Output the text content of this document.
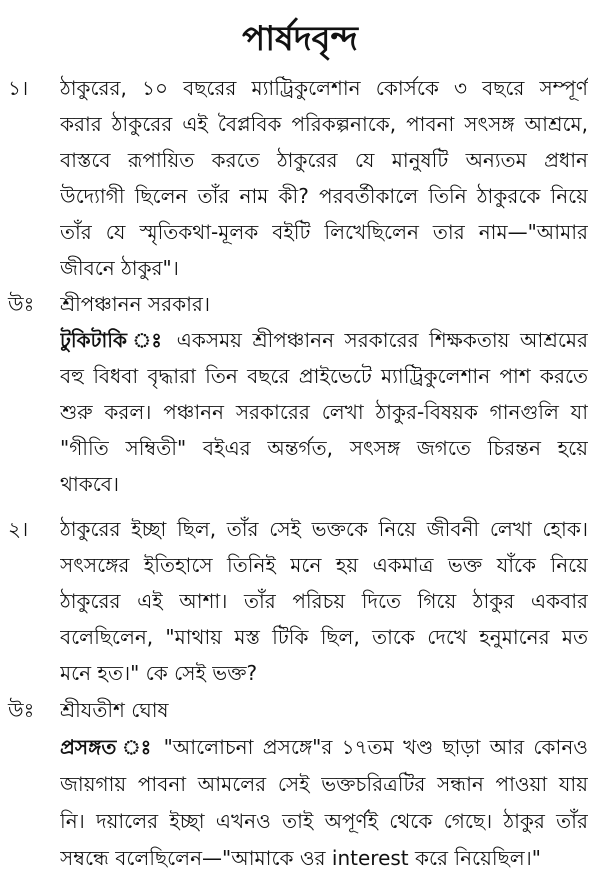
পার্ষদবৃন্দ
১। ঠাকুরের, ১০ বছরের ম্যাট্রিকুলেশান কোর্সকে ৩ বছরে সম্পূর্ণ
করার ঠাকুরের এই বৈপ্লবিক পরিকল্পনাকে, পাবনা সৎসঙ্গ আশ্রমে,
বাস্তবে রূপায়িত করতে ঠাকুরের যে মানুষটি অন্যতম প্রধান
উদ্যোগী ছিলেন তাঁর নাম কী? পরবর্তীকালে তিনি ঠাকুরকে নিয়ে
তাঁর যে স্মৃতিকথা-মূলক বইটি লিখেছিলেন তার নাম—"আমার
জীবনে ঠাকুর"।
উঃ শ্রীপঞ্চানন সরকার।
টুকিটাকি ঃ একসময় শ্রীপঞ্চানন সরকারের শিক্ষকতায় আশ্রমের
বহু বিধবা বৃদ্ধারা তিন বছরে প্রাইভেটে ম্যাট্রিকুলেশান পাশ করতে
শুরু করল। পঞ্চানন সরকারের লেখা ঠাকুর-বিষয়ক গানগুলি যা
"গীতি সম্বিতী" বইএর অন্তর্গত, সৎসঙ্গ জগতে চিরন্তন হয়ে
থাকবে।
২। ঠাকুরের ইচ্ছা ছিল, তাঁর সেই ভক্তকে নিয়ে জীবনী লেখা হোক।
সৎসঙ্গের ইতিহাসে তিনিই মনে হয় একমাত্র ভক্ত যাঁকে নিয়ে
ঠাকুরের এই আশা। তাঁর পরিচয় দিতে গিয়ে ঠাকুর একবার
বলেছিলেন, "মাথায় মস্ত টিকি ছিল, তাকে দেখে হনুমানের মত
মনে হত।" কে সেই ভক্ত?
উঃ শ্রীযতীশ ঘোষ
প্রসঙ্গত ঃ "আলোচনা প্রসঙ্গে"র ১৭তম খণ্ড ছাড়া আর কোনও
জায়গায় পাবনা আমলের সেই ভক্তচরিত্রটির সন্ধান পাওয়া যায়
নি। দয়ালের ইচ্ছা এখনও তাই অপূর্ণই থেকে গেছে। ঠাকুর তাঁর
সম্বন্ধে বলেছিলেন—"আমাকে ওর interest করে নিয়েছিল।"
